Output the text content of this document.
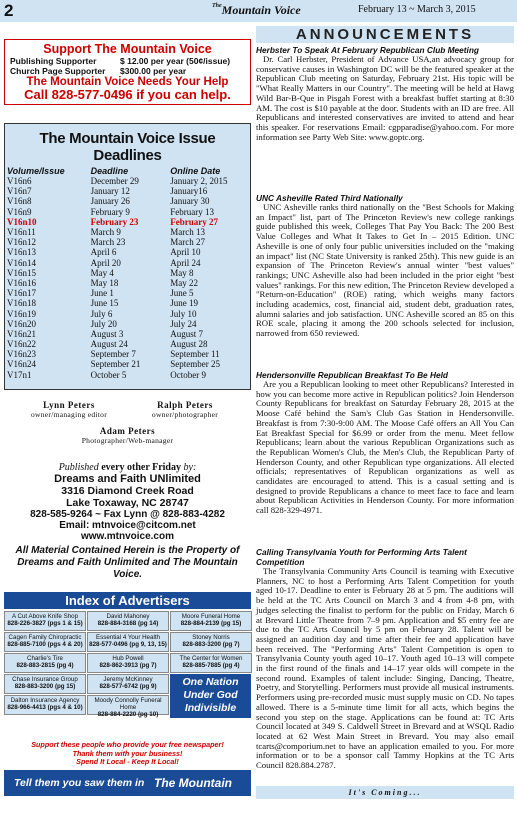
2	$^{The}$Mountain Voice	February 13 ~ March 3, 2015
Support The Mountain Voice
Publishing Supporter	$ 12.00 per year (50¢/issue)
Church Page Supporter $300.00 per year
The Mountain Voice Needs Your Help
Call 828-577-0496 if you can help.
The Mountain Voice Issue Deadlines
Volume/Issue	Deadline	Online Date
V16n6	December 29	January 2, 2015
V16n7	January 12	January16
V16n8	January 26	January 30
V16n9	February 9	February 13
V16n10	February 23	February 27
V16n11	March 9	March 13
V16n12	March 23	March 27
V16n13	April 6	April 10
V16n14	April 20	April 24
V16n15	May 4	May 8
V16n16	May 18	May 22
V16n17	June 1	June 5
V16n18	June 15	June 19
V16n19	July 6	July 10
V16n20	July 20	July 24
V16n21	August 3	August 7
V16n22	August 24	August 28
V16n23	September 7	September 11
V16n24	September 21	September 25
V17n1	October 5	October 9
Lynn Peters
owner/managing editor
Ralph Peters
owner/photographer
Adam Peters
Photographer/Web-manager
Published every other Friday by:
Dreams and Faith UNlimited
3316 Diamond Creek Road
Lake Toxaway, NC 28747
828-585-9264 ~ Fax Lynn @ 828-883-4282
Email: mtnvoice@citcom.net
www.mtnvoice.com
All Material Contained Herein is the Property of Dreams and Faith Unlimited and The Mountain Voice.
Index of Advertisers
One Nation
Under God
Indivisible
A Cut Above Knife Shop
828-226-3827 (pgs 1 & 15)
David Mahoney
828-884-3168 (pg 14)
Moore Funeral Home
828-884-2139 (pg 15)
Cagen Family Chiropractic
828-885-7100 (pgs 4 & 20)
Essential 4 Your Health
828-577-0496 (pg 9, 13, 15)
Stoney Norris
828-883-3200 (pg 7)
Charlie's Tire
828-883-2815 (pg 4)
Hub Powell
828-862-3913 (pg 7)
The Center for Women
828-885-7885 (pg 4)
Chase Insurance Group
828-883-3200 (pg 15)
Jeremy McKinney
828-577-6742 (pg 9)
Dalton Insurance Agency
828-966-4413 (pgs 4 & 10)
Moody Connolly Funeral Home
828-884-2220 (pg 10)
Support these people who provide your free newspaper!
Thank them with your business!
Spend It Local - Keep It Local!
Tell them you saw them in The Mountain Voice!
ANNOUNCEMENTS
Herbster To Speak At February Republican Club Meeting

Dr. Carl Herbster, President of Advance USA,an advocacy group for conservative causes in Washington DC will be the featured speaker at the Republican Club meeting on Saturday, February 21st. His topic will be "What Really Matters in our Country". The meeting will be held at Hawg Wild Bar-B-Que in Pisgah Forest with a breakfast buffet starting at 8:30 AM. The cost is $10 payable at the door. Students with an ID are free. All Republicans and interested conservatives are invited to attend and hear this speaker. For reservations Email: cgpparadise@yahoo.com. For more information see Party Web Site: www.goptc.org.

UNC Asheville Rated Third Nationally

UNC Asheville ranks third nationally on the "Best Schools for Making an Impact" list, part of The Princeton Review's new college rankings guide published this week, Colleges That Pay You Back: The 200 Best Value Colleges and What It Takes to Get In – 2015 Edition. UNC Asheville is one of only four public universities included on the "making an impact" list (NC State University is ranked 25th). This new guide is an expansion of The Princeton Review's annual winter "best values" rankings; UNC Asheville also had been included in the prior eight "best values" rankings. For this new edition, The Princeton Review developed a "Return-on-Education" (ROE) rating, which weighs many factors including academics, cost, financial aid, student debt, graduation rates, alumni salaries and job satisfaction. UNC Asheville scored an 85 on this ROE scale, placing it among the 200 schools selected for inclusion, narrowed from 650 reviewed.

Hendersonville Republican Breakfast To Be Held

Are you a Republican looking to meet other Republicans? Interested in how you can become more active in Republican politics? Join Henderson County Republicans for breakfast on Saturday February 28, 2015 at the Moose Café behind the Sam's Club Gas Station in Hendersonville. Breakfast is from 7:30-9:00 AM. The Moose Café offers an All You Can Eat Breakfast Special for $6.99 or order from the menu. Meet fellow Republicans; learn about the various Republican Organizations such as the Republican Women's Club, the Men's Club, the Republican Party of Henderson County, and other Republican type organizations. All elected officials; representatives of Republican organizations as well as candidates are encouraged to attend. This is a casual setting and is designed to provide Republicans a chance to meet face to face and learn about Republican Activities in Henderson County. For more information call 828-329-4971.

Calling Transylvania Youth for Performing Arts Talent Competition

The Transylvania Community Arts Council is teaming with Executive Planners, NC to host a Performing Arts Talent Competition for youth aged 10-17. Deadline to enter is February 28 at 5 pm. The auditions will be held at the TC Arts Council on March 3 and 4 from 4-8 pm, with judges selecting the finalist to perform for the public on Friday, March 6 at Brevard Little Theatre from 7–9 pm. Application and $5 entry fee are due to the TC Arts Council by 5 pm on February 28. Talent will be assigned an audition day and time after their fee and application have been received. The "Performing Arts" Talent Competition is open to Transylvania County youth aged 10–17. Youth aged 10–13 will compete in the first round of the finals and 14–17 year olds will compete in the second round. Examples of talent include: Singing, Dancing, Theatre, Poetry, and Storytelling. Performers must provide all musical instruments. Performers using pre-recorded music must supply music on CD. No tapes allowed. There is a 5-minute time limit for all acts, which begins the second you step on the stage. Applications can be found at: TC Arts Council located at 349 S. Caldwell Street in Brevard and at WSQL Radio located at 62 West Main Street in Brevard. You may also email tcarts@comporium.net to have an application emailed to you. For more information or to be a sponsor call Tammy Hopkins at the TC Arts Council 828.884.2787.

It's Coming...
